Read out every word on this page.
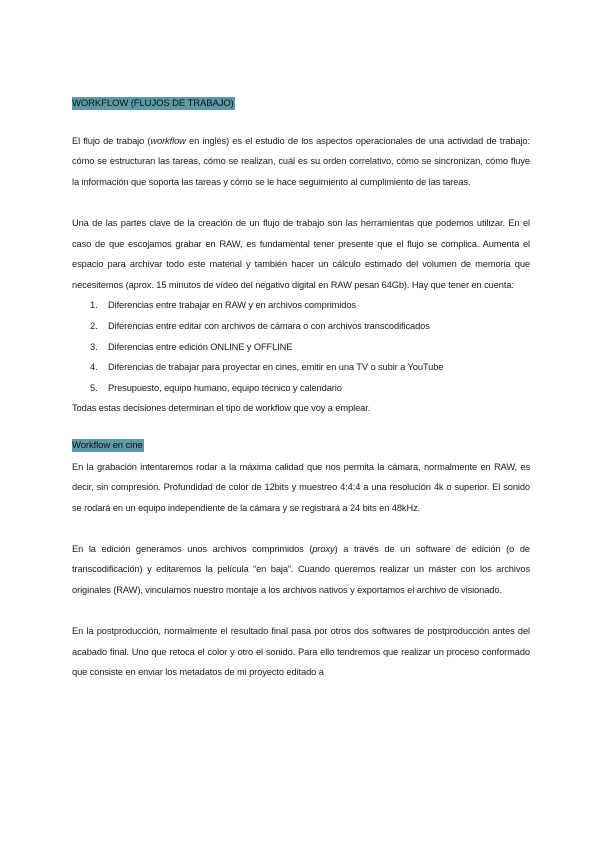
WORKFLOW (FLUJOS DE TRABAJO)

El flujo de trabajo (workflow en inglés) es el estudio de los aspectos operacionales de una actividad de trabajo: cómo se estructuran las tareas, cómo se realizan, cuál es su orden correlativo, cómo se sincronizan, cómo fluye la información que soporta las tareas y cómo se le hace seguimiento al cumplimiento de las tareas.

Una de las partes clave de la creación de un flujo de trabajo son las herramientas que podemos utilizar. En el caso de que escojamos grabar en RAW, es fundamental tener presente que el flujo se complica. Aumenta el espacio para archivar todo este material y también hacer un cálculo estimado del volumen de memoria que necesitemos (aprox. 15 minutos de vídeo del negativo digital en RAW pesan 64Gb). Hay que tener en cuenta:

1. Diferencias entre trabajar en RAW y en archivos comprimidos
2. Diferencias entre editar con archivos de cámara o con archivos transcodificados
3. Diferencias entre edición ONLINE y OFFLINE
4. Diferencias de trabajar para proyectar en cines, emitir en una TV o subir a YouTube
5. Presupuesto, equipo humano, equipo técnico y calendario

Todas estas decisiones determinan el tipo de workflow que voy a emplear.

Workflow en cine

En la grabación intentaremos rodar a la máxima calidad que nos permita la cámara, normalmente en RAW, es decir, sin compresión. Profundidad de color de 12bits y muestreo 4:4:4 a una resolución 4k o superior. El sonido se rodará en un equipo independiente de la cámara y se registrará a 24 bits en 48kHz.

En la edición generamos unos archivos comprimidos (proxy) a través de un software de edición (o de transcodificación) y editaremos la película “en baja”. Cuando queremos realizar un máster con los archivos originales (RAW), vinculamos nuestro montaje a los archivos nativos y exportamos el archivo de visionado.

En la postproducción, normalmente el resultado final pasa por otros dos softwares de postproducción antes del acabado final. Uno que retoca el color y otro el sonido. Para ello tendremos que realizar un proceso conformado que consiste en enviar los metadatos de mi proyecto editado a
